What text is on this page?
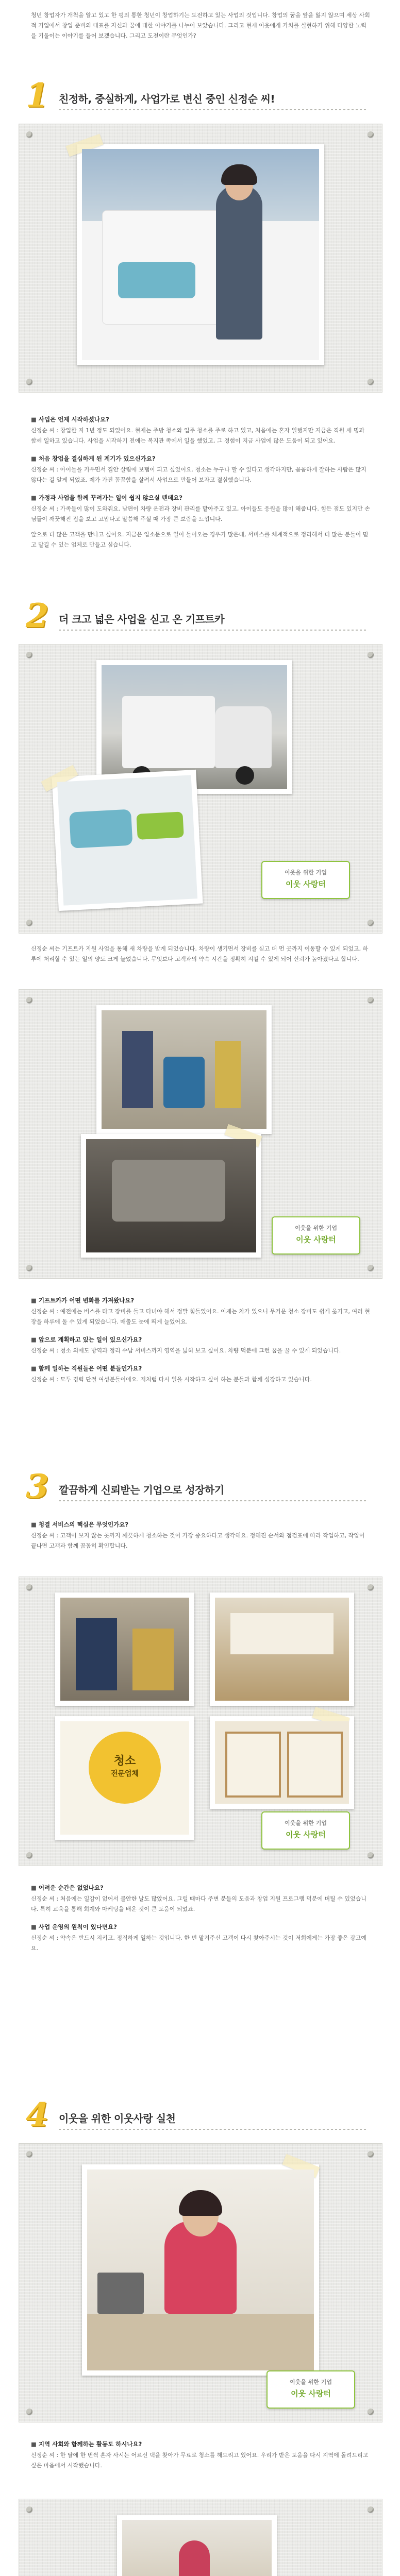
청년 창업자가 개척을 알고 있고 한 평의 통한 청년이 창업하기는 도전하고 있는 사업의 것입니다. 창업의 꿈을 앞을 잃지 않으며 세상 사회적 기업에서 창업 준비의 대표를 자신과 꿈에 대한 이야기를 나누어 보았습니다. 그리고 현재 이웃에게 가치를 실현하기 위해 다양한 노력을 기울이는 이야기를 들어 보겠습니다. 그리고 도전이란 무엇인가?
1 친정하, 중실하게, 사업가로 변신 중인 신정순 씨!
■ 사업은 언제 시작하셨나요?
신정순 씨 : 창업한 지 1년 정도 되었어요. 현재는 주방 청소와 입주 청소를 주로 하고 있고, 처음에는 혼자 일했지만 지금은 직원 세 명과 함께 일하고 있습니다. 사업을 시작하기 전에는 복지관 쪽에서 일을 했었고, 그 경험이 지금 사업에 많은 도움이 되고 있어요.
■ 처음 창업을 결심하게 된 계기가 있으신가요?
신정순 씨 : 아이들을 키우면서 집안 살림에 보탬이 되고 싶었어요. 청소는 누구나 할 수 있다고 생각하지만, 꼼꼼하게 잘하는 사람은 많지 않다는 걸 알게 되었죠. 제가 가진 꼼꼼함을 살려서 사업으로 만들어 보자고 결심했습니다.
■ 가정과 사업을 함께 꾸려가는 일이 쉽지 않으실 텐데요?
신정순 씨 : 가족들이 많이 도와줘요. 남편이 차량 운전과 장비 관리를 맡아주고 있고, 아이들도 응원을 많이 해줍니다. 힘든 점도 있지만 손님들이 깨끗해진 집을 보고 고맙다고 말씀해 주실 때 가장 큰 보람을 느낍니다.
앞으로 더 많은 고객을 만나고 싶어요. 지금은 입소문으로 일이 들어오는 경우가 많은데, 서비스를 체계적으로 정리해서 더 많은 분들이 믿고 맡길 수 있는 업체로 만들고 싶습니다.
2 더 크고 넓은 사업을 싣고 온 기프트카
이웃을 위한 기업
이웃 사랑터
신정순 씨는 기프트카 지원 사업을 통해 새 차량을 받게 되었습니다. 차량이 생기면서 장비를 싣고 더 먼 곳까지 이동할 수 있게 되었고, 하루에 처리할 수 있는 일의 양도 크게 늘었습니다. 무엇보다 고객과의 약속 시간을 정확히 지킬 수 있게 되어 신뢰가 높아졌다고 합니다.
이웃을 위한 기업
이웃 사랑터
■ 기프트카가 어떤 변화를 가져왔나요?
신정순 씨 : 예전에는 버스를 타고 장비를 들고 다녀야 해서 정말 힘들었어요. 이제는 차가 있으니 무거운 청소 장비도 쉽게 옮기고, 여러 현장을 하루에 돌 수 있게 되었습니다. 매출도 눈에 띄게 늘었어요.
■ 앞으로 계획하고 있는 일이 있으신가요?
신정순 씨 : 청소 외에도 방역과 정리 수납 서비스까지 영역을 넓혀 보고 싶어요. 차량 덕분에 그런 꿈을 꿀 수 있게 되었습니다.
■ 함께 일하는 직원들은 어떤 분들인가요?
신정순 씨 : 모두 경력 단절 여성분들이에요. 저처럼 다시 일을 시작하고 싶어 하는 분들과 함께 성장하고 있습니다.
3 깔끔하게 신뢰받는 기업으로 성장하기
■ 청결 서비스의 핵심은 무엇인가요?
신정순 씨 : 고객이 보지 않는 곳까지 깨끗하게 청소하는 것이 가장 중요하다고 생각해요. 정해진 순서와 점검표에 따라 작업하고, 작업이 끝나면 고객과 함께 꼼꼼히 확인합니다.
청소
전문업체
이웃을 위한 기업
이웃 사랑터
■ 어려운 순간은 없었나요?
신정순 씨 : 처음에는 일감이 없어서 불안한 날도 많았어요. 그럴 때마다 주변 분들의 도움과 창업 지원 프로그램 덕분에 버틸 수 있었습니다. 특히 교육을 통해 회계와 마케팅을 배운 것이 큰 도움이 되었죠.
■ 사업 운영의 원칙이 있다면요?
신정순 씨 : 약속은 반드시 지키고, 정직하게 일하는 것입니다. 한 번 맡겨주신 고객이 다시 찾아주시는 것이 저희에게는 가장 좋은 광고예요.
4 이웃을 위한 이웃사랑 실천
이웃을 위한 기업
이웃 사랑터
■ 지역 사회와 함께하는 활동도 하시나요?
신정순 씨 : 한 달에 한 번씩 혼자 사시는 어르신 댁을 찾아가 무료로 청소를 해드리고 있어요. 우리가 받은 도움을 다시 지역에 돌려드리고 싶은 마음에서 시작했습니다.
